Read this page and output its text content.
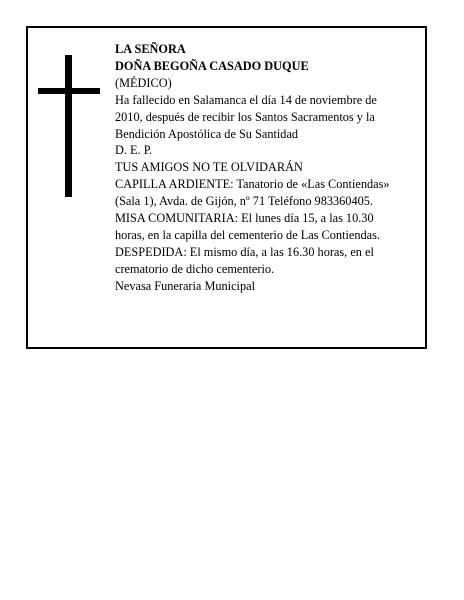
LA SEÑORA
DOÑA BEGOÑA CASADO DUQUE
(MÉDICO)
Ha fallecido en Salamanca el día 14 de noviembre de
2010, después de recibir los Santos Sacramentos y la
Bendición Apostólica de Su Santidad
D. E. P.
TUS AMIGOS NO TE OLVIDARÁN
CAPILLA ARDIENTE: Tanatorio de «Las Contiendas»
(Sala 1), Avda. de Gijón, nº 71 Teléfono 983360405.
MISA COMUNITARIA: El lunes día 15, a las 10.30
horas, en la capilla del cementerio de Las Contiendas.
DESPEDIDA: El mismo día, a las 16.30 horas, en el
crematorio de dicho cementerio.
Nevasa Funeraria Municipal
